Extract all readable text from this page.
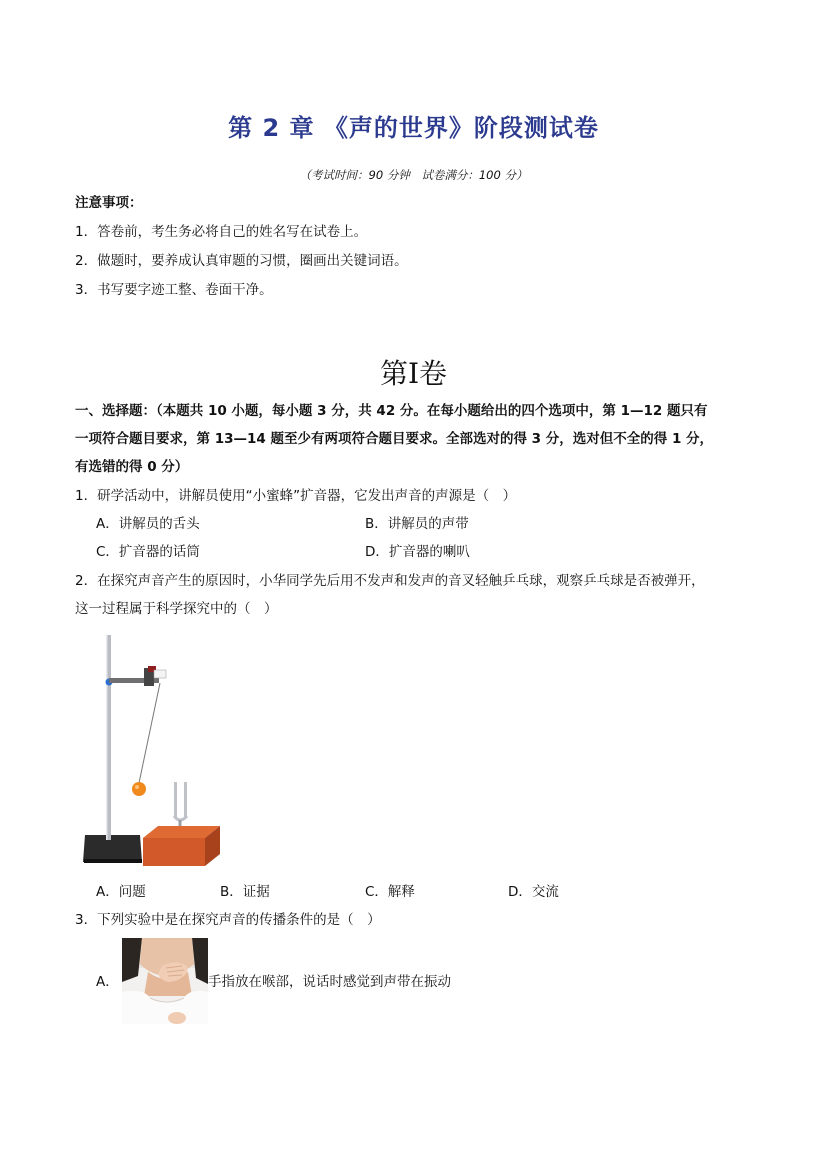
第 2 章 《声的世界》阶段测试卷
（考试时间：90 分钟　试卷满分：100 分）
注意事项：
1．答卷前，考生务必将自己的姓名写在试卷上。
2．做题时，要养成认真审题的习惯，圈画出关键词语。
3．书写要字迹工整、卷面干净。
第Ⅰ卷
一、选择题：（本题共 10 小题，每小题 3 分，共 42 分。在每小题给出的四个选项中，第 1—12 题只有
一项符合题目要求，第 13—14 题至少有两项符合题目要求。全部选对的得 3 分，选对但不全的得 1 分，
有选错的得 0 分）
1．研学活动中，讲解员使用“小蜜蜂”扩音器，它发出声音的声源是（　）
A．讲解员的舌头	B．讲解员的声带
C．扩音器的话筒	D．扩音器的喇叭
2．在探究声音产生的原因时，小华同学先后用不发声和发声的音叉轻触乒乓球，观察乒乓球是否被弹开，
这一过程属于科学探究中的（　）
A．问题	B．证据	C．解释	D．交流
3．下列实验中是在探究声音的传播条件的是（　）
A．	手指放在喉部，说话时感觉到声带在振动
